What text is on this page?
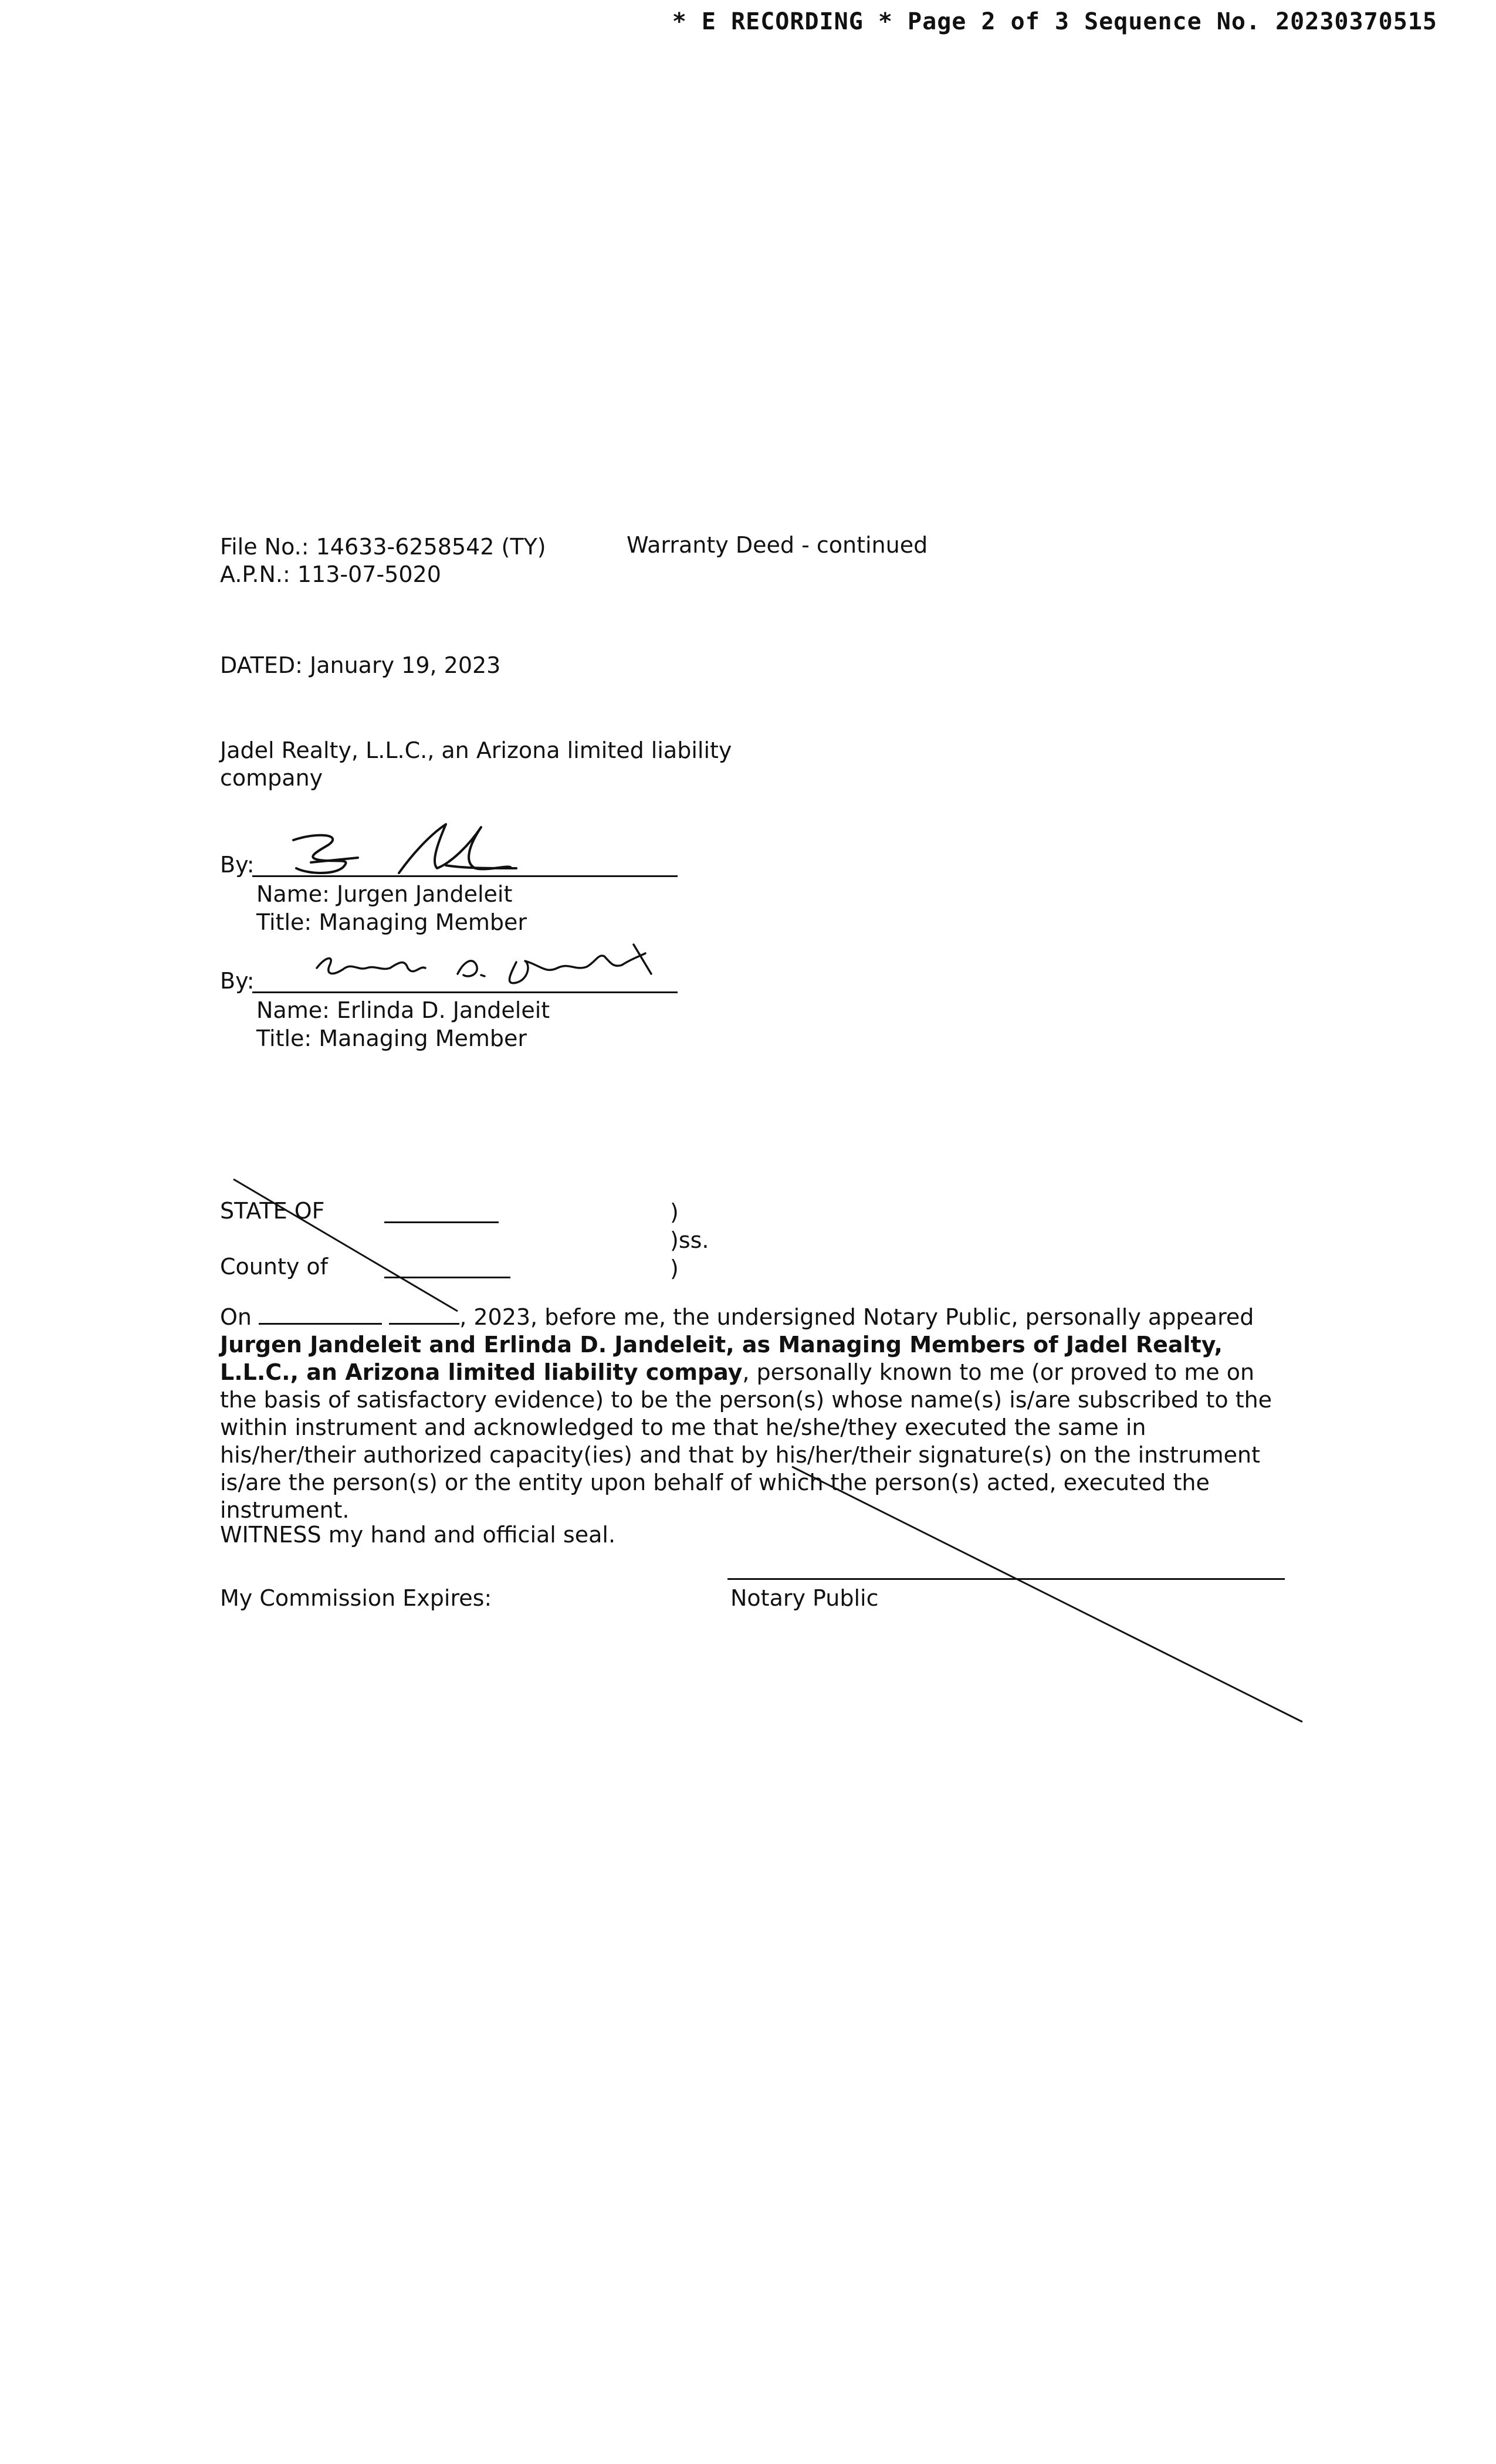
* E RECORDING * Page 2 of 3 Sequence No. 20230370515
File No.: 14633-6258542 (TY)
A.P.N.: 113-07-5020
Warranty Deed - continued
DATED: January 19, 2023
Jadel Realty, L.L.C., an Arizona limited liability
company
By:
Name: Jurgen Jandeleit
Title: Managing Member
By:
Name: Erlinda D. Jandeleit
Title: Managing Member
STATE OF	)
)ss.
County of	)
On	, 2023, before me, the undersigned Notary Public, personally appeared Jurgen Jandeleit and Erlinda D. Jandeleit, as Managing Members of Jadel Realty, L.L.C., an Arizona limited liability compay, personally known to me (or proved to me on the basis of satisfactory evidence) to be the person(s) whose name(s) is/are subscribed to the within instrument and acknowledged to me that he/she/they executed the same in his/her/their authorized capacity(ies) and that by his/her/their signature(s) on the instrument is/are the person(s) or the entity upon behalf of which the person(s) acted, executed the instrument.
WITNESS my hand and official seal.
My Commission Expires:	Notary Public
